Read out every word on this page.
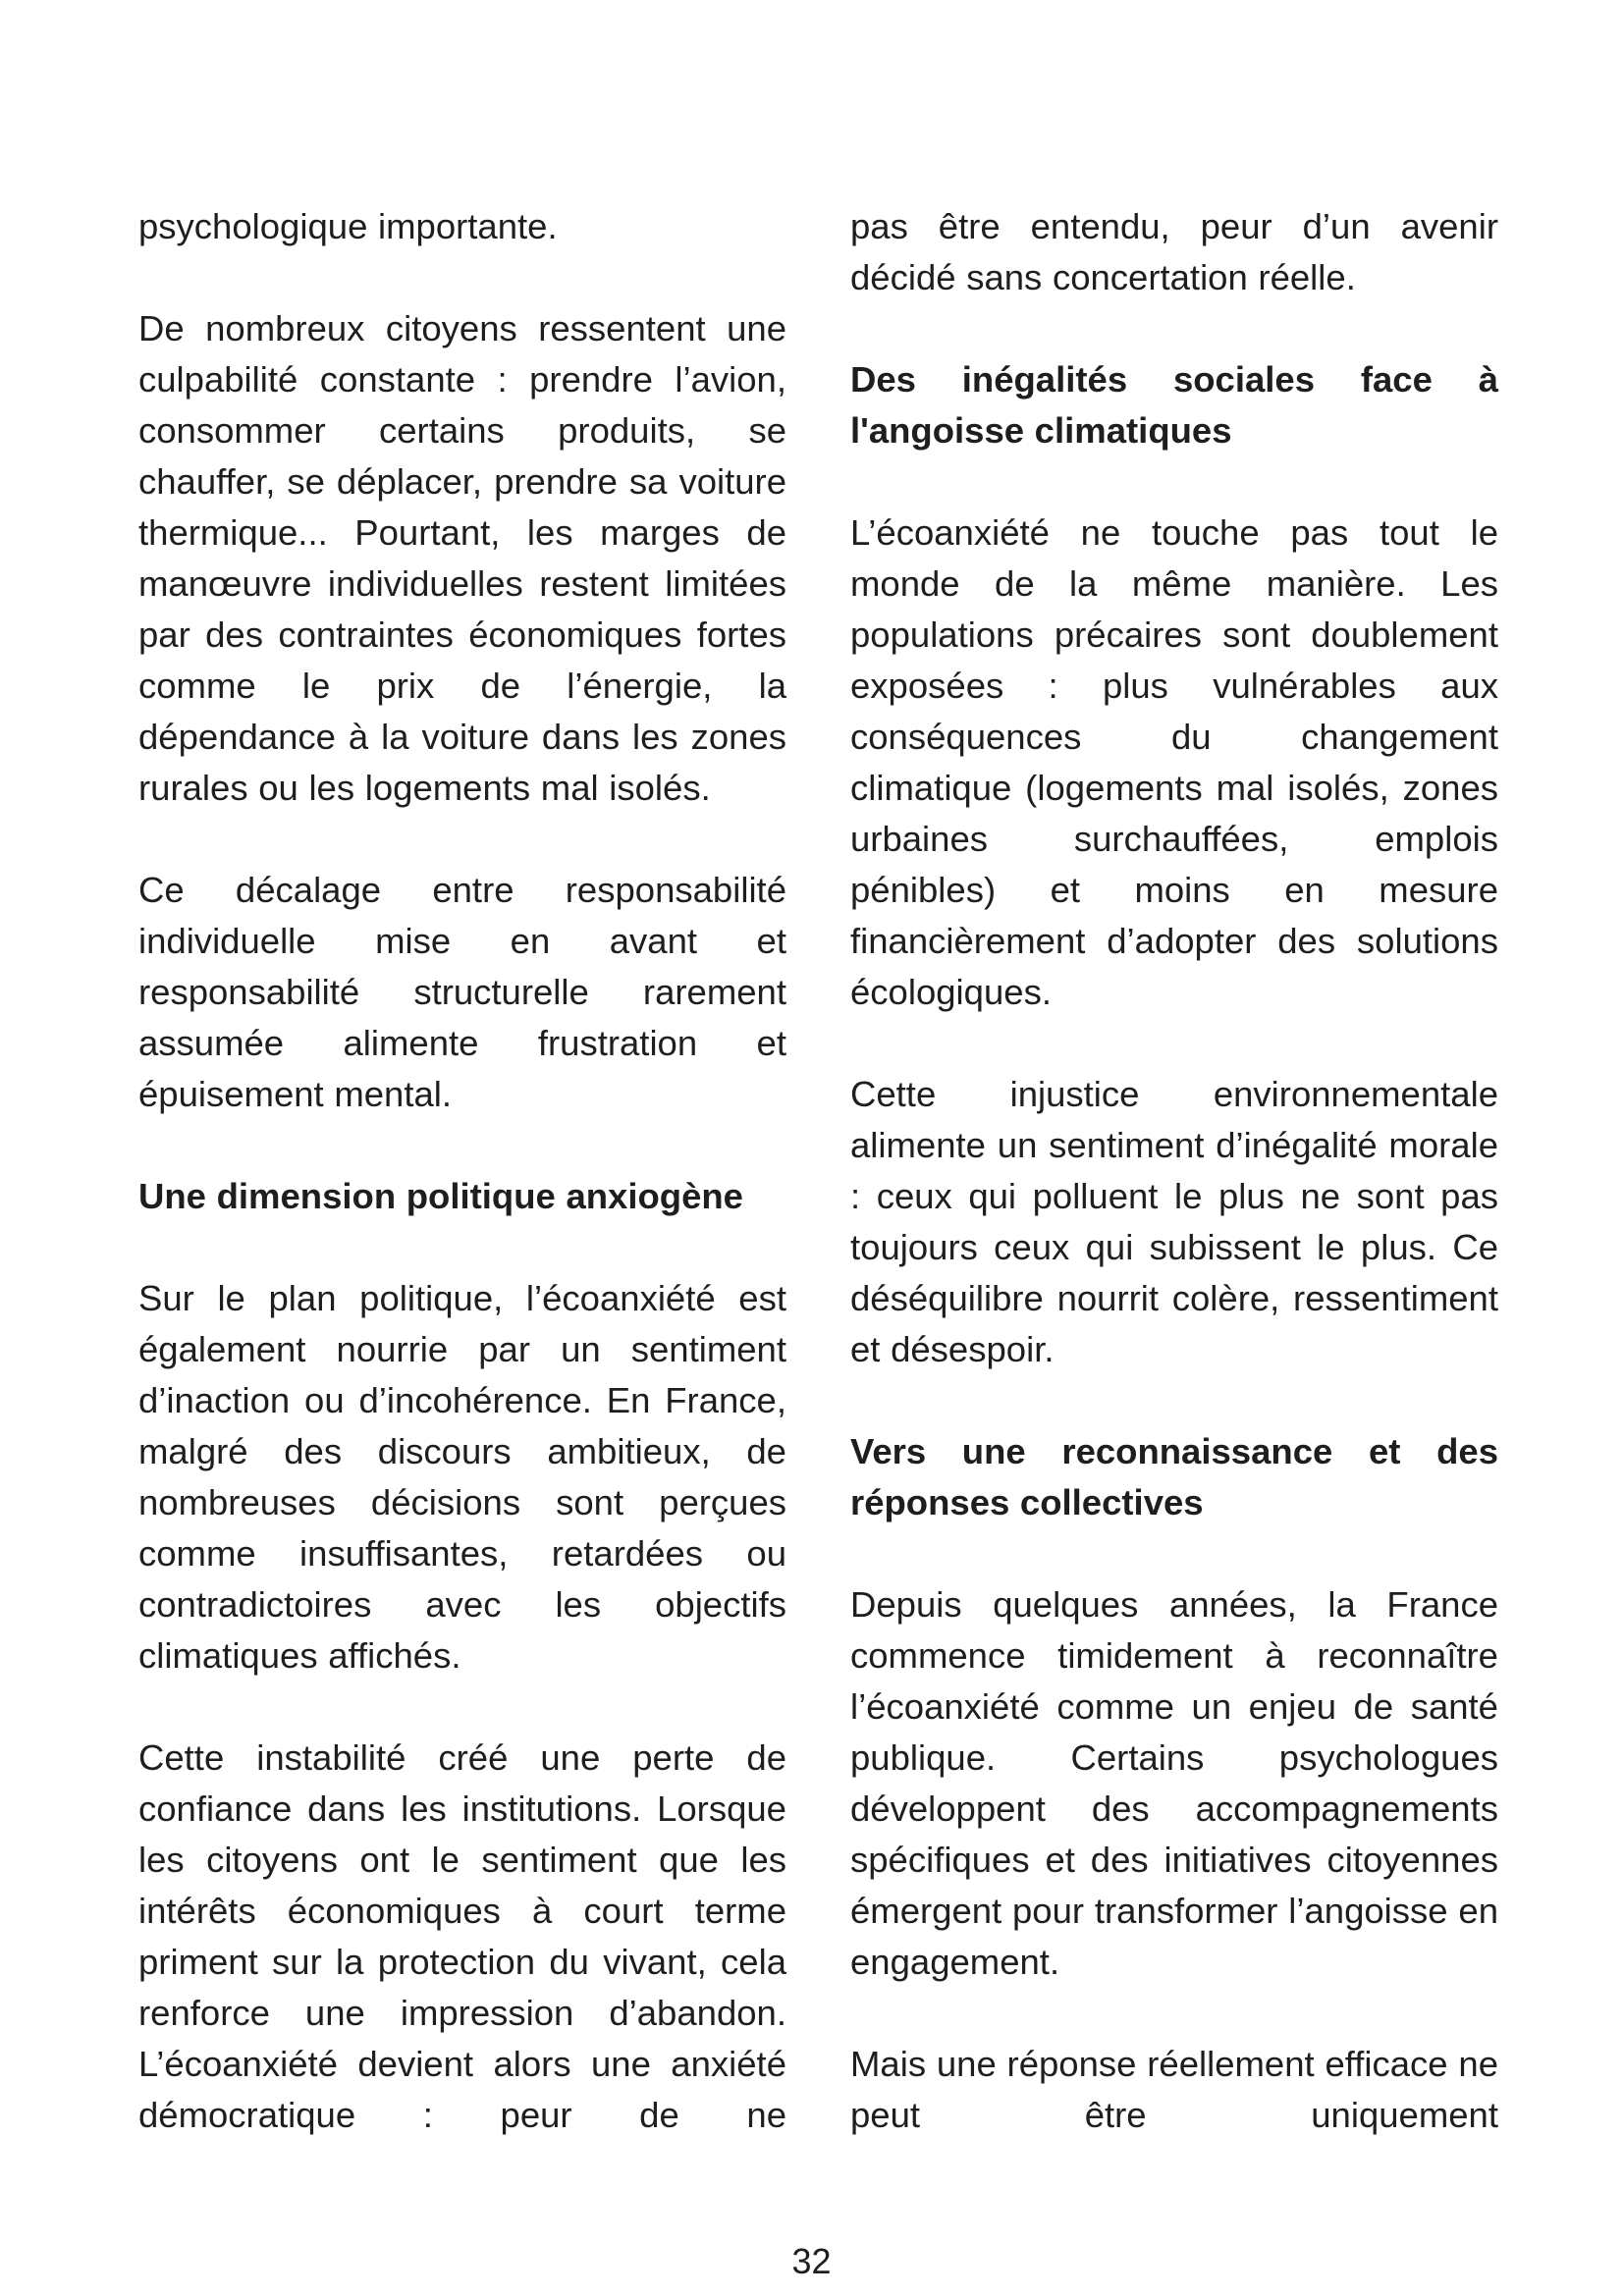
psychologique importante.

De nombreux citoyens ressentent une culpabilité constante : prendre l’avion, consommer certains produits, se chauffer, se déplacer, prendre sa voiture thermique... Pourtant, les marges de manœuvre individuelles restent limitées par des contraintes économiques fortes comme le prix de l’énergie, la dépendance à la voiture dans les zones rurales ou les logements mal isolés.

Ce décalage entre responsabilité individuelle mise en avant et responsabilité structurelle rarement assumée alimente frustration et épuisement mental.

Une dimension politique anxiogène

Sur le plan politique, l’écoanxiété est également nourrie par un sentiment d’inaction ou d’incohérence. En France, malgré des discours ambitieux, de nombreuses décisions sont perçues comme insuffisantes, retardées ou contradictoires avec les objectifs climatiques affichés.

Cette instabilité créé une perte de confiance dans les institutions. Lorsque les citoyens ont le sentiment que les intérêts économiques à court terme priment sur la protection du vivant, cela renforce une impression d’abandon. L’écoanxiété devient alors une anxiété démocratique : peur de ne

pas être entendu, peur d’un avenir décidé sans concertation réelle.

Des inégalités sociales face à l'angoisse climatiques

L’écoanxiété ne touche pas tout le monde de la même manière. Les populations précaires sont doublement exposées : plus vulnérables aux conséquences du changement climatique (logements mal isolés, zones urbaines surchauffées, emplois pénibles) et moins en mesure financièrement d’adopter des solutions écologiques.

Cette injustice environnementale alimente un sentiment d’inégalité morale : ceux qui polluent le plus ne sont pas toujours ceux qui subissent le plus. Ce déséquilibre nourrit colère, ressentiment et désespoir.

Vers une reconnaissance et des réponses collectives

Depuis quelques années, la France commence timidement à reconnaître l’écoanxiété comme un enjeu de santé publique. Certains psychologues développent des accompagnements spécifiques et des initiatives citoyennes émergent pour transformer l’angoisse en engagement.

Mais une réponse réellement efficace ne peut être uniquement

32
